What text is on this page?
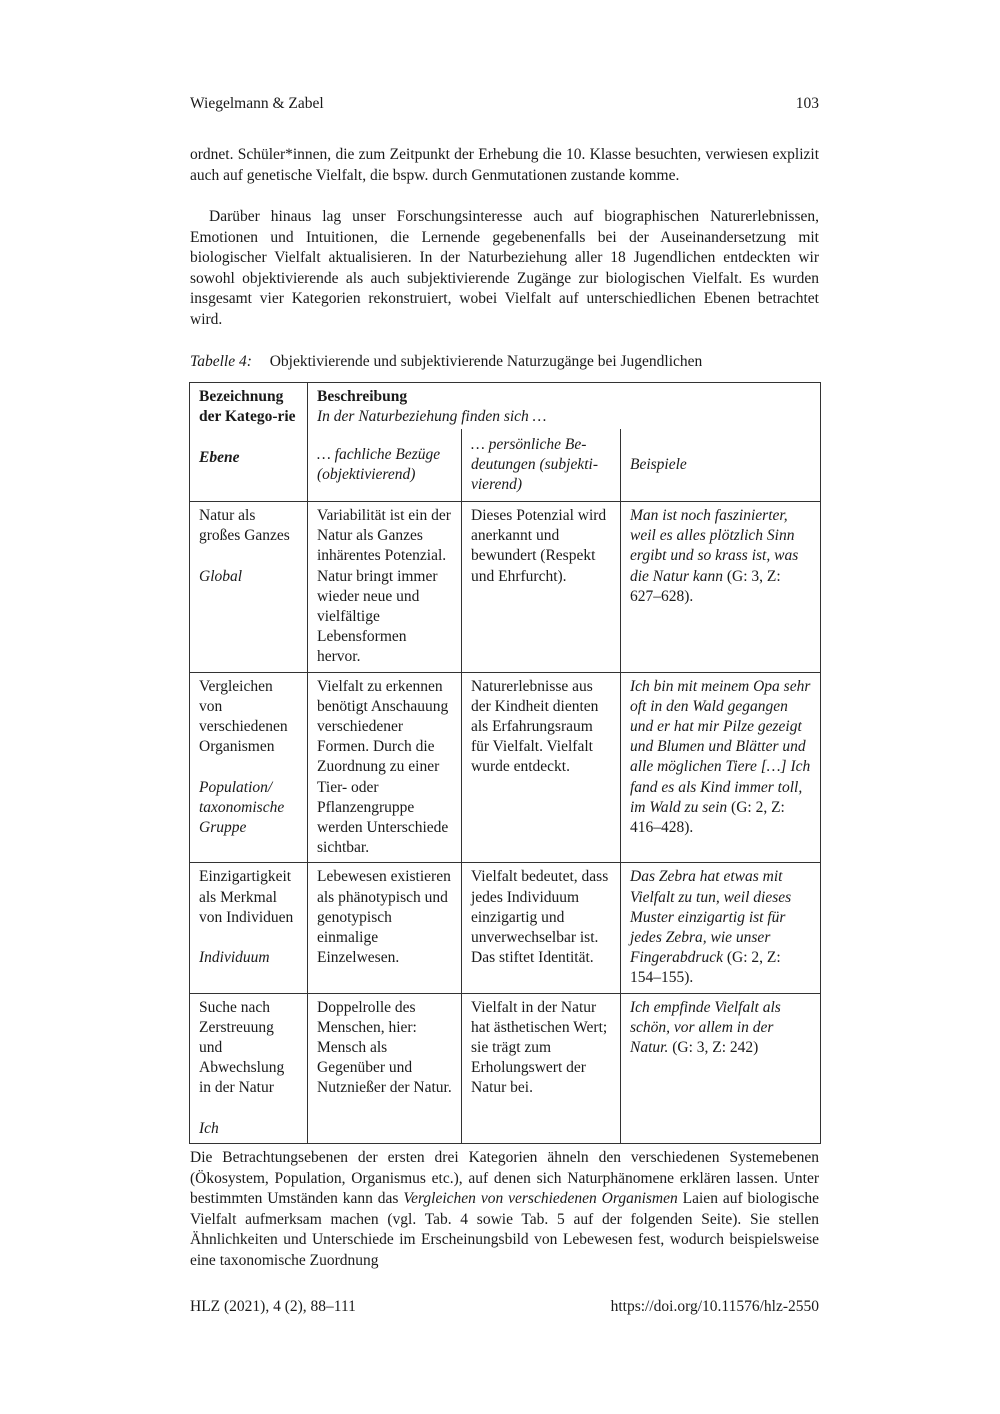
Wiegelmann & Zabel	103

ordnet. Schüler*innen, die zum Zeitpunkt der Erhebung die 10. Klasse besuchten, verwiesen explizit auch auf genetische Vielfalt, die bspw. durch Genmutationen zustande komme.

Darüber hinaus lag unser Forschungsinteresse auch auf biographischen Naturerlebnissen, Emotionen und Intuitionen, die Lernende gegebenenfalls bei der Auseinandersetzung mit biologischer Vielfalt aktualisieren. In der Naturbeziehung aller 18 Jugendlichen entdeckten wir sowohl objektivierende als auch subjektivierende Zugänge zur biologischen Vielfalt. Es wurden insgesamt vier Kategorien rekonstruiert, wobei Vielfalt auf unterschiedlichen Ebenen betrachtet wird.

Tabelle 4: Objektivierende und subjektivierende Naturzugänge bei Jugendlichen
Bezeichnung der Katego-rie
Ebene	
Beschreibung
In der Naturbeziehung finden sich …

	… fachliche Bezüge (objektivierend)	… persönliche Be-deutungen (subjekti-vierend)	Beispiele
Natur als großes Ganzes
Global	Variabilität ist ein der Natur als Ganzes inhärentes Potenzial. Natur bringt immer wieder neue und vielfältige Lebensformen hervor.	Dieses Potenzial wird anerkannt und bewundert (Respekt und Ehrfurcht).	Man ist noch faszinierter, weil es alles plötzlich Sinn ergibt und so krass ist, was die Natur kann (G: 3, Z: 627–628).
Vergleichen von verschiedenen Organismen
Population/ taxonomische Gruppe	Vielfalt zu erkennen benötigt Anschauung verschiedener Formen. Durch die Zuordnung zu einer Tier- oder Pflanzengruppe werden Unterschiede sichtbar.	Naturerlebnisse aus der Kindheit dienten als Erfahrungsraum für Vielfalt. Vielfalt wurde entdeckt.	Ich bin mit meinem Opa sehr oft in den Wald gegangen und er hat mir Pilze gezeigt und Blumen und Blätter und alle möglichen Tiere […] Ich fand es als Kind immer toll, im Wald zu sein (G: 2, Z: 416–428).
Einzigartigkeit als Merkmal von Individuen
Individuum	Lebewesen existieren als phänotypisch und genotypisch einmalige Einzelwesen.	Vielfalt bedeutet, dass jedes Individuum einzigartig und unverwechselbar ist. Das stiftet Identität.	Das Zebra hat etwas mit Vielfalt zu tun, weil dieses Muster einzigartig ist für jedes Zebra, wie unser Fingerabdruck (G: 2, Z: 154–155).
Suche nach Zerstreuung und Abwechslung in der Natur
Ich	Doppelrolle des Menschen, hier: Mensch als Gegenüber und Nutznießer der Natur.	Vielfalt in der Natur hat ästhetischen Wert; sie trägt zum Erholungswert der Natur bei.	Ich empfinde Vielfalt als schön, vor allem in der Natur. (G: 3, Z: 242)

Die Betrachtungsebenen der ersten drei Kategorien ähneln den verschiedenen Systemebenen (Ökosystem, Population, Organismus etc.), auf denen sich Naturphänomene erklären lassen. Unter bestimmten Umständen kann das Vergleichen von verschiedenen Organismen Laien auf biologische Vielfalt aufmerksam machen (vgl. Tab. 4 sowie Tab. 5 auf der folgenden Seite). Sie stellen Ähnlichkeiten und Unterschiede im Erscheinungsbild von Lebewesen fest, wodurch beispielsweise eine taxonomische Zuordnung

HLZ (2021), 4 (2), 88–111	https://doi.org/10.11576/hlz-2550
